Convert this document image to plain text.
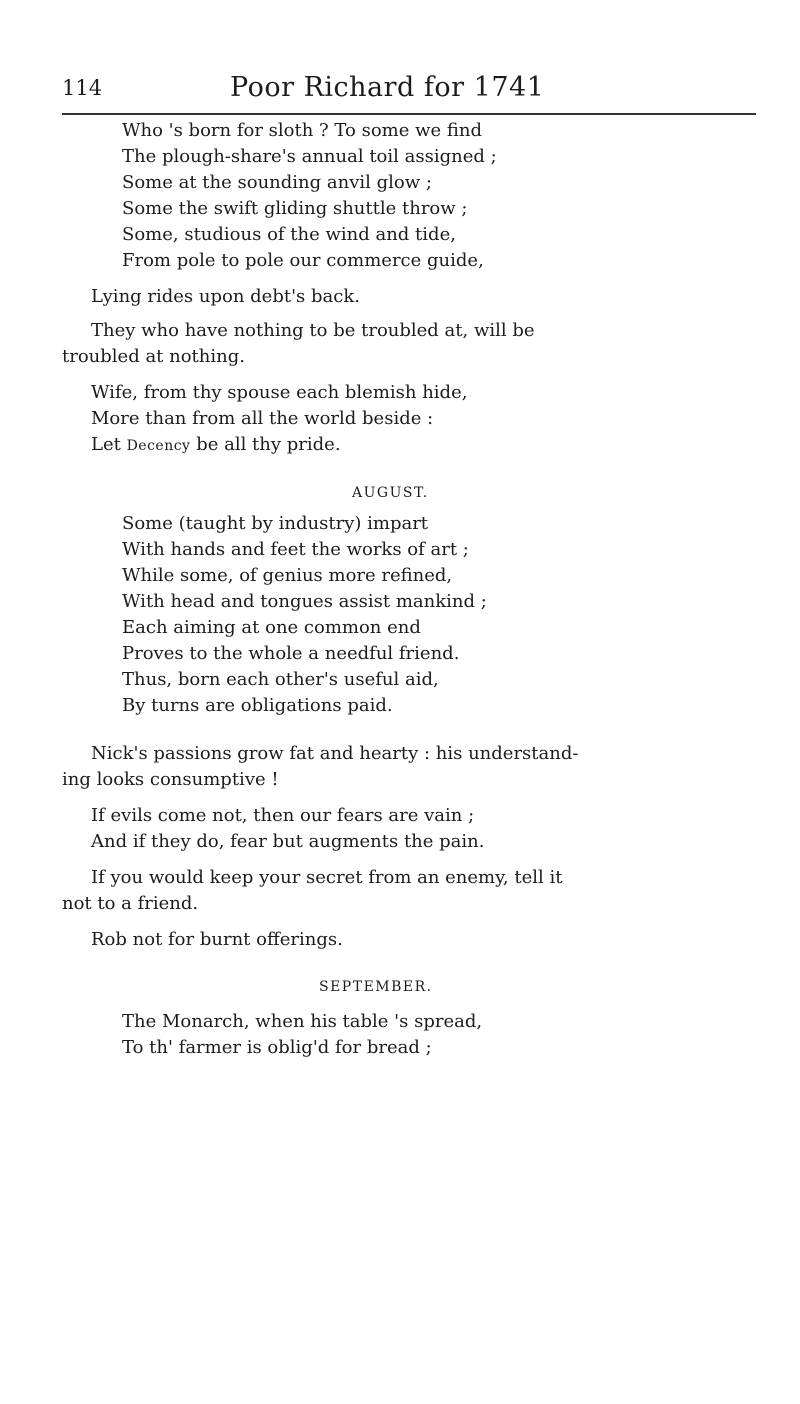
114	Poor Richard for 1741
Who 's born for sloth ? To some we find
The plough-share's annual toil assigned ;
Some at the sounding anvil glow ;
Some the swift gliding shuttle throw ;
Some, studious of the wind and tide,
From pole to pole our commerce guide,
Lying rides upon debt's back.
They who have nothing to be troubled at, will be
troubled at nothing.
Wife, from thy spouse each blemish hide,
More than from all the world beside :
Let Decency be all thy pride.
AUGUST.
Some (taught by industry) impart
With hands and feet the works of art ;
While some, of genius more refined,
With head and tongues assist mankind ;
Each aiming at one common end
Proves to the whole a needful friend.
Thus, born each other's useful aid,
By turns are obligations paid.
Nick's passions grow fat and hearty : his understand-
ing looks consumptive !
If evils come not, then our fears are vain ;
And if they do, fear but augments the pain.
If you would keep your secret from an enemy, tell it
not to a friend.
Rob not for burnt offerings.
SEPTEMBER.
The Monarch, when his table 's spread,
To th' farmer is oblig'd for bread ;
